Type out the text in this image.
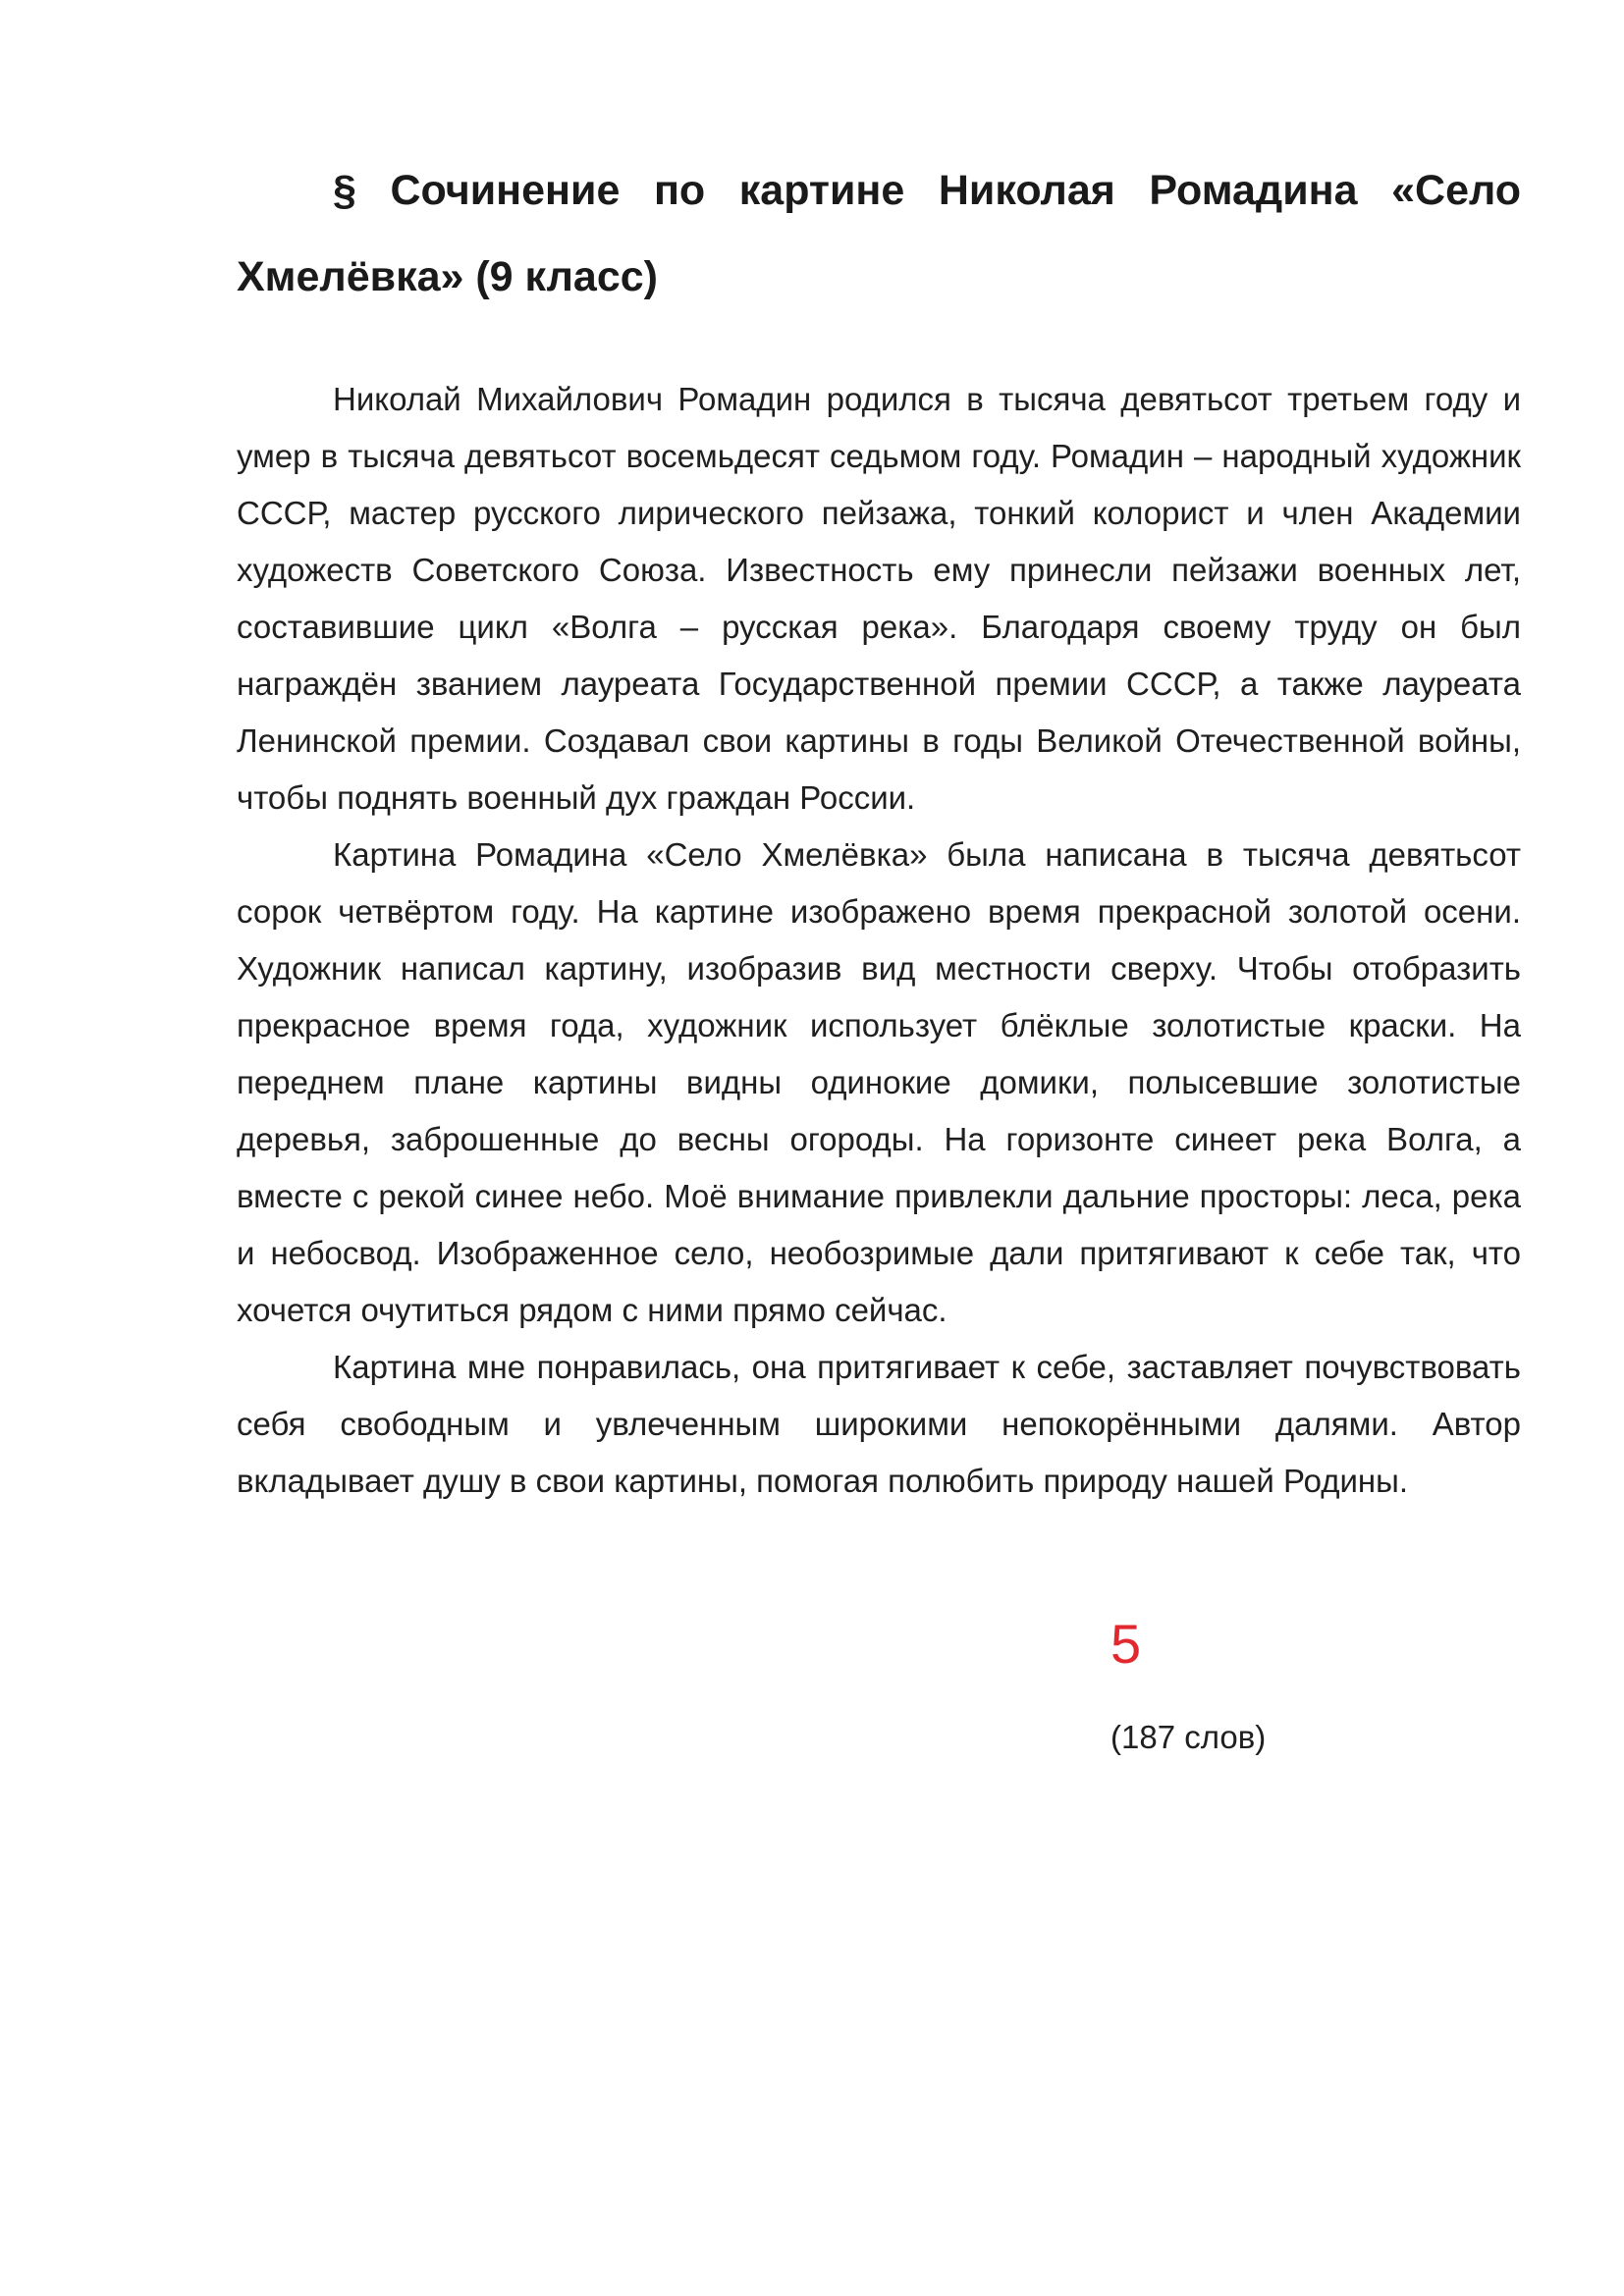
§ Сочинение по картине Николая Ромадина «Село Хмелёвка» (9 класс)

Николай Михайлович Ромадин родился в тысяча девятьсот третьем году и умер в тысяча девятьсот восемьдесят седьмом году. Ромадин – народный художник СССР, мастер русского лирического пейзажа, тонкий колорист и член Академии художеств Советского Союза. Известность ему принесли пейзажи военных лет, составившие цикл «Волга – русская река». Благодаря своему труду он был награждён званием лауреата Государственной премии СССР, а также лауреата Ленинской премии. Создавал свои картины в годы Великой Отечественной войны, чтобы поднять военный дух граждан России.

Картина Ромадина «Село Хмелёвка» была написана в тысяча девятьсот сорок четвёртом году. На картине изображено время прекрасной золотой осени. Художник написал картину, изобразив вид местности сверху. Чтобы отобразить прекрасное время года, художник использует блёклые золотистые краски. На переднем плане картины видны одинокие домики, полысевшие золотистые деревья, заброшенные до весны огороды. На горизонте синеет река Волга, а вместе с рекой синее небо. Моё внимание привлекли дальние просторы: леса, река и небосвод. Изображенное село, необозримые дали притягивают к себе так, что хочется очутиться рядом с ними прямо сейчас.

Картина мне понравилась, она притягивает к себе, заставляет почувствовать себя свободным и увлеченным широкими непокорёнными далями. Автор вкладывает душу в свои картины, помогая полюбить природу нашей Родины.

5
(187 слов)
